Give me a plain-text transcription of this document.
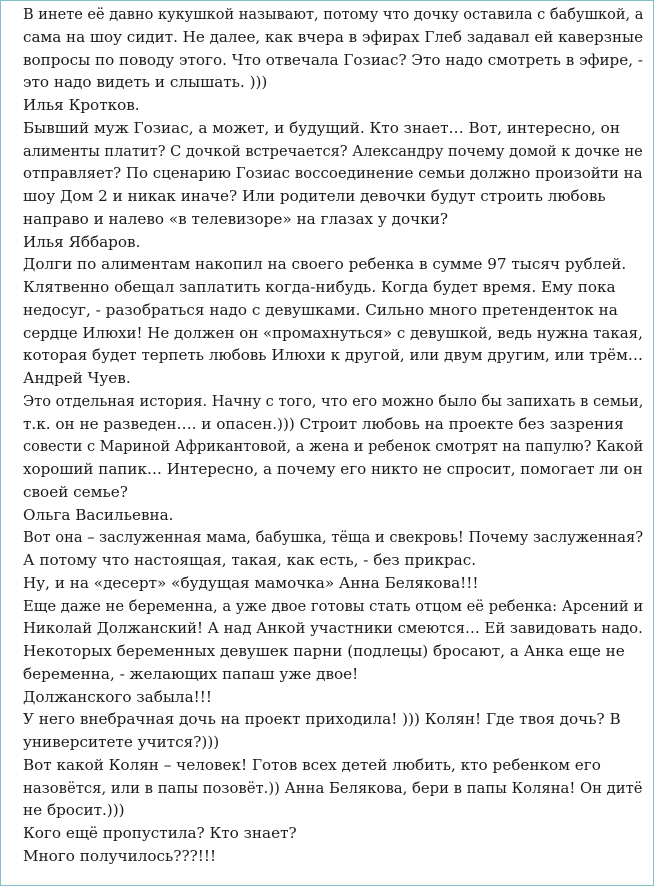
В инете её давно кукушкой называют, потому что дочку оставила с бабушкой, а
сама на шоу сидит. Не далее, как вчера в эфирах Глеб задавал ей каверзные
вопросы по поводу этого. Что отвечала Гозиас? Это надо смотреть в эфире, -
это надо видеть и слышать. )))
Илья Кротков.
Бывший муж Гозиас, а может, и будущий. Кто знает… Вот, интересно, он
алименты платит? С дочкой встречается? Александру почему домой к дочке не
отправляет? По сценарию Гозиас воссоединение семьи должно произойти на
шоу Дом 2 и никак иначе? Или родители девочки будут строить любовь
направо и налево «в телевизоре» на глазах у дочки?
Илья Яббаров.
Долги по алиментам накопил на своего ребенка в сумме 97 тысяч рублей.
Клятвенно обещал заплатить когда-нибудь. Когда будет время. Ему пока
недосуг, - разобраться надо с девушками. Сильно много претенденток на
сердце Илюхи! Не должен он «промахнуться» с девушкой, ведь нужна такая,
которая будет терпеть любовь Илюхи к другой, или двум другим, или трём…
Андрей Чуев.
Это отдельная история. Начну с того, что его можно было бы запихать в семьи,
т.к. он не разведен…. и опасен.))) Строит любовь на проекте без зазрения
совести с Мариной Африкантовой, а жена и ребенок смотрят на папулю? Какой
хороший папик… Интересно, а почему его никто не спросит, помогает ли он
своей семье?
Ольга Васильевна.
Вот она – заслуженная мама, бабушка, тёща и свекровь! Почему заслуженная?
А потому что настоящая, такая, как есть, - без прикрас.
Ну, и на «десерт» «будущая мамочка» Анна Белякова!!!
Еще даже не беременна, а уже двое готовы стать отцом её ребенка: Арсений и
Николай Должанский! А над Анкой участники смеются… Ей завидовать надо.
Некоторых беременных девушек парни (подлецы) бросают, а Анка еще не
беременна, - желающих папаш уже двое!
Должанского забыла!!!
У него внебрачная дочь на проект приходила! ))) Колян! Где твоя дочь? В
университете учится?)))
Вот какой Колян – человек! Готов всех детей любить, кто ребенком его
назовётся, или в папы позовёт.)) Анна Белякова, бери в папы Коляна! Он дитё
не бросит.)))
Кого ещё пропустила? Кто знает?
Много получилось???!!!
